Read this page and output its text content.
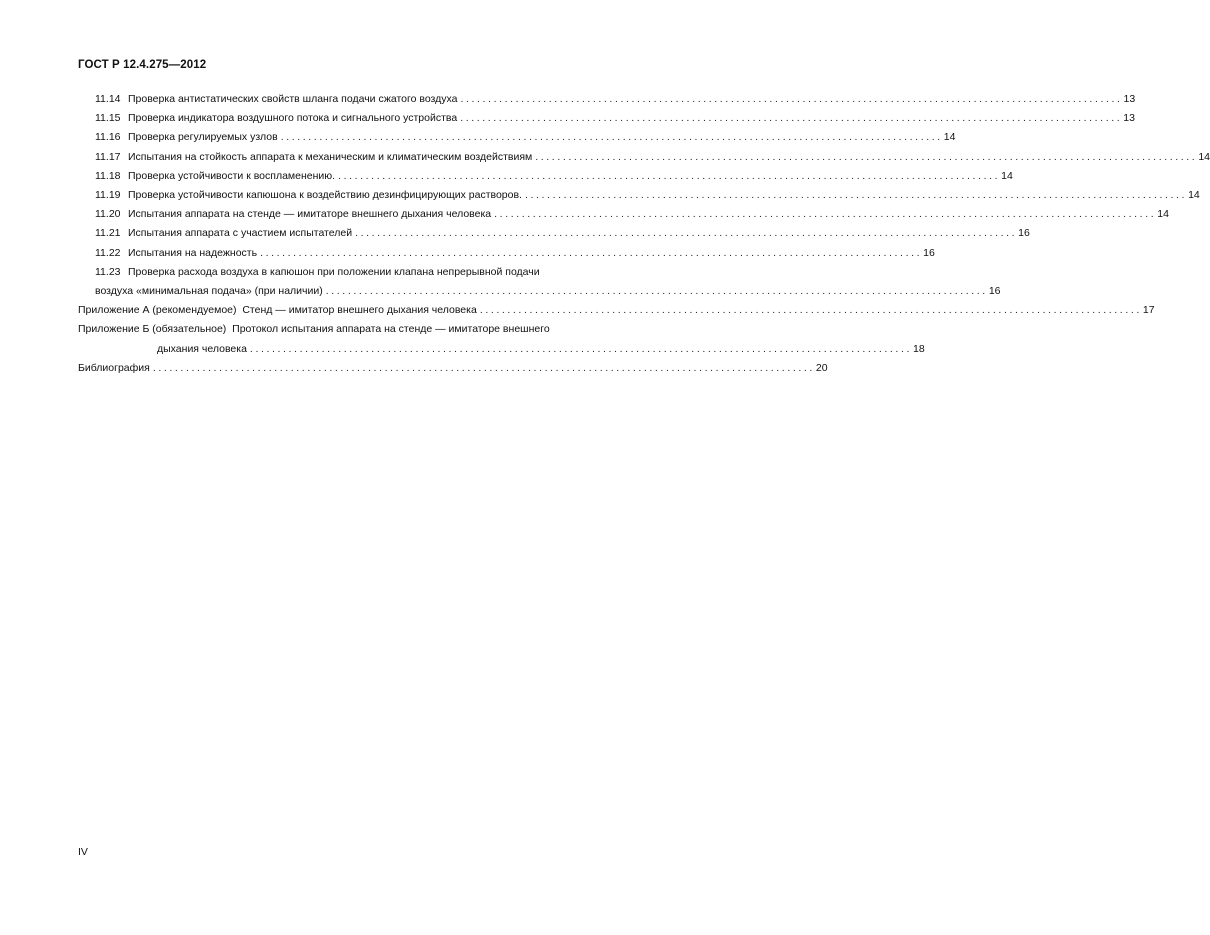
ГОСТ Р 12.4.275—2012
11.14 Проверка антистатических свойств шланга подачи сжатого воздуха ........................................................................................................................ 13
11.15 Проверка индикатора воздушного потока и сигнального устройства ........................................................................................................................ 13
11.16 Проверка регулируемых узлов ........................................................................................................................ 14
11.17 Испытания на стойкость аппарата к механическим и климатическим воздействиям ........................................................................................................................ 14
11.18 Проверка устойчивости к воспламенению. ........................................................................................................................ 14
11.19 Проверка устойчивости капюшона к воздействию дезинфицирующих растворов. ........................................................................................................................ 14
11.20 Испытания аппарата на стенде — имитаторе внешнего дыхания человека ........................................................................................................................ 14
11.21 Испытания аппарата с участием испытателей ........................................................................................................................ 16
11.22 Испытания на надежность ........................................................................................................................ 16
11.23 Проверка расхода воздуха в капюшон при положении клапана непрерывной подачи
воздуха «минимальная подача» (при наличии) ........................................................................................................................ 16
Приложение А (рекомендуемое) Стенд — имитатор внешнего дыхания человека ........................................................................................................................ 17
Приложение Б (обязательное) Протокол испытания аппарата на стенде — имитаторе внешнего
дыхания человека ........................................................................................................................ 18
Библиография ........................................................................................................................ 20
IV
